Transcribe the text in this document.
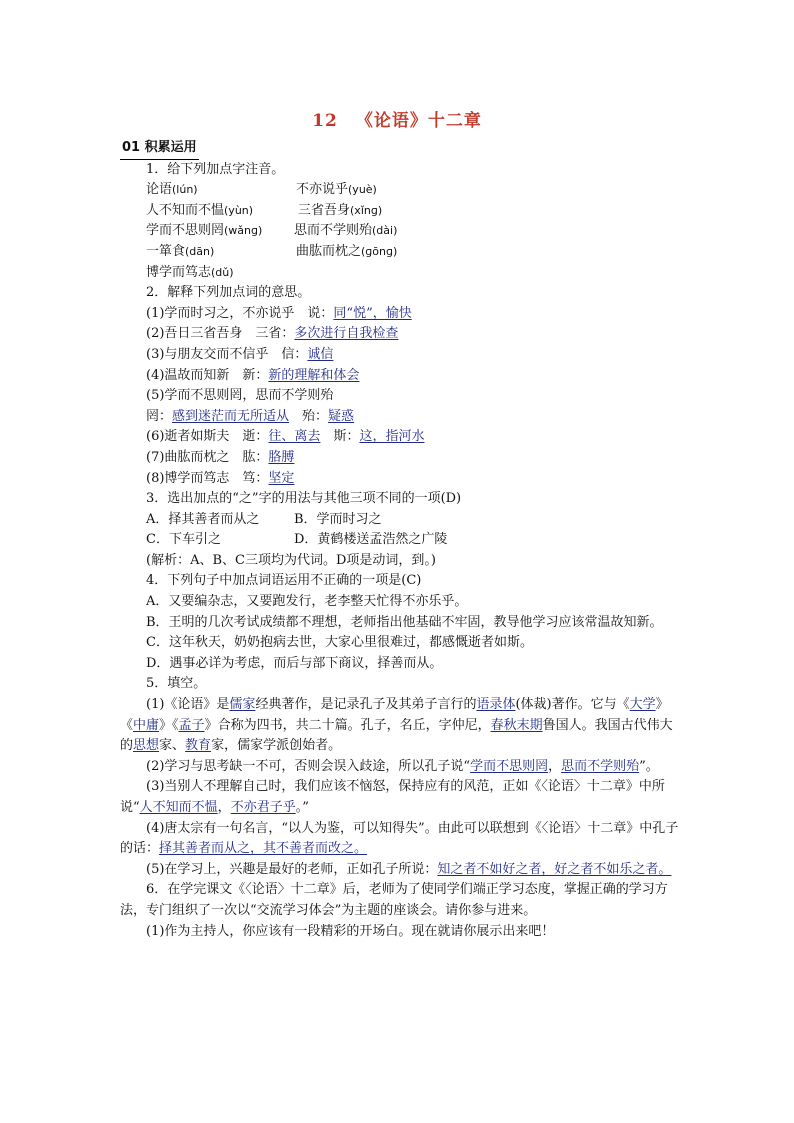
12 《论语》十二章
01 积累运用
1．给下列加点字注音。
论语(lún)	不亦说乎(yuè)
人不知而不愠(yùn)	三省吾身(xǐnɡ)
学而不思则罔(wǎnɡ) 思而不学则殆(dài)
一箪食(dān)	曲肱而枕之(ɡōnɡ)
博学而笃志(dǔ)
2．解释下列加点词的意思。
(1)学而时习之，不亦说乎　说：同“悦”，愉快
(2)吾日三省吾身　三省：多次进行自我检查
(3)与朋友交而不信乎　信：诚信
(4)温故而知新　新：新的理解和体会
(5)学而不思则罔，思而不学则殆
罔：感到迷茫而无所适从　殆：疑惑
(6)逝者如斯夫　逝：往、离去　斯：这，指河水
(7)曲肱而枕之　肱：胳膊
(8)博学而笃志　笃：坚定
3．选出加点的“之”字的用法与其他三项不同的一项(D)
A．择其善者而从之	B．学而时习之
C．下车引之	D．黄鹤楼送孟浩然之广陵
(解析：A、B、C三项均为代词。D项是动词，到。)
4．下列句子中加点词语运用不正确的一项是(C)
A．又要编杂志，又要跑发行，老李整天忙得不亦乐乎。
B．王明的几次考试成绩都不理想，老师指出他基础不牢固，教导他学习应该常温故知新。
C．这年秋天，奶奶抱病去世，大家心里很难过，都感慨逝者如斯。
D．遇事必详为考虑，而后与部下商议，择善而从。
5．填空。
(1)《论语》是儒家经典著作，是记录孔子及其弟子言行的语录体(体裁)著作。它与《大学》《中庸》《孟子》合称为四书，共二十篇。孔子，名丘，字仲尼，春秋末期鲁国人。我国古代伟大的思想家、教育家，儒家学派创始者。
(2)学习与思考缺一不可，否则会误入歧途，所以孔子说“学而不思则罔，思而不学则殆”。
(3)当别人不理解自己时，我们应该不恼怒，保持应有的风范，正如《〈论语〉十二章》中所说“人不知而不愠，不亦君子乎。”
(4)唐太宗有一句名言，“以人为鉴，可以知得失”。由此可以联想到《〈论语〉十二章》中孔子的话：择其善者而从之，其不善者而改之。
(5)在学习上，兴趣是最好的老师，正如孔子所说：知之者不如好之者，好之者不如乐之者。
6．在学完课文《〈论语〉十二章》后，老师为了使同学们端正学习态度，掌握正确的学习方法，专门组织了一次以“交流学习体会”为主题的座谈会。请你参与进来。
(1)作为主持人，你应该有一段精彩的开场白。现在就请你展示出来吧！
